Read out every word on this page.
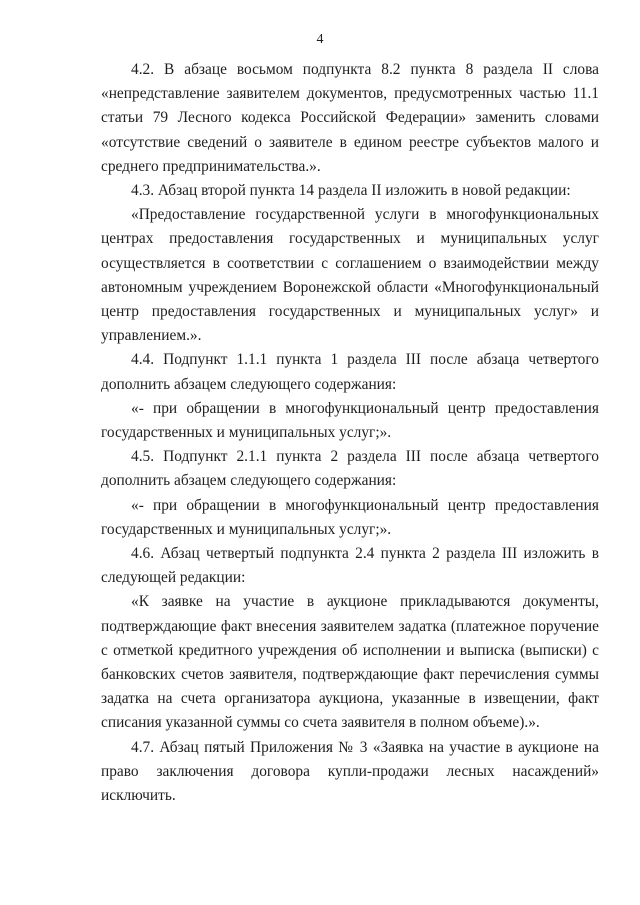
4

4.2. В абзаце восьмом подпункта 8.2 пункта 8 раздела II слова «непредставление заявителем документов, предусмотренных частью 11.1 статьи 79 Лесного кодекса Российской Федерации» заменить словами «отсутствие сведений о заявителе в едином реестре субъектов малого и среднего предпринимательства.».

4.3. Абзац второй пункта 14 раздела II изложить в новой редакции:

«Предоставление государственной услуги в многофункциональных центрах предоставления государственных и муниципальных услуг осуществляется в соответствии с соглашением о взаимодействии между автономным учреждением Воронежской области «Многофункциональный центр предоставления государственных и муниципальных услуг» и управлением.».

4.4. Подпункт 1.1.1 пункта 1 раздела III после абзаца четвертого дополнить абзацем следующего содержания:

«- при обращении в многофункциональный центр предоставления государственных и муниципальных услуг;».

4.5. Подпункт 2.1.1 пункта 2 раздела III после абзаца четвертого дополнить абзацем следующего содержания:

«- при обращении в многофункциональный центр предоставления государственных и муниципальных услуг;».

4.6. Абзац четвертый подпункта 2.4 пункта 2 раздела III изложить в следующей редакции:

«К заявке на участие в аукционе прикладываются документы, подтверждающие факт внесения заявителем задатка (платежное поручение с отметкой кредитного учреждения об исполнении и выписка (выписки) с банковских счетов заявителя, подтверждающие факт перечисления суммы задатка на счета организатора аукциона, указанные в извещении, факт списания указанной суммы со счета заявителя в полном объеме).».

4.7. Абзац пятый Приложения № 3 «Заявка на участие в аукционе на право заключения договора купли-продажи лесных насаждений» исключить.
